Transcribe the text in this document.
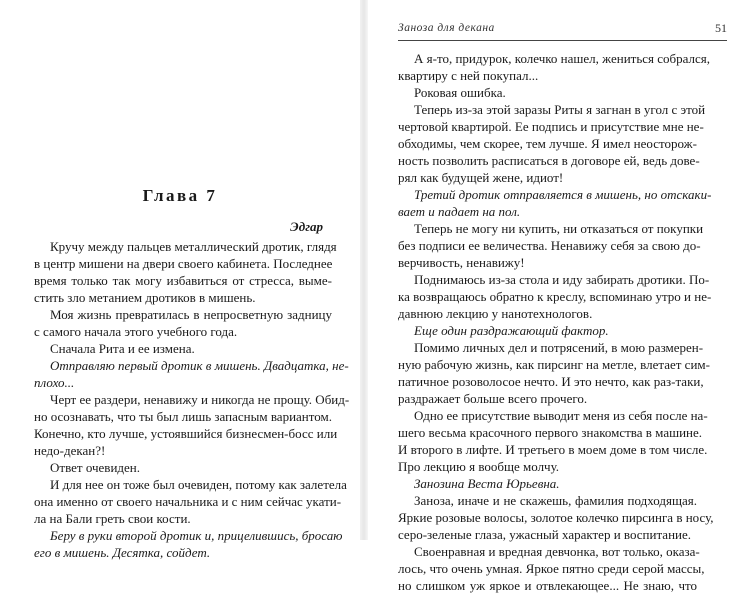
Глава 7
Эдгар
Кручу между пальцев металлический дротик, глядя
в центр мишени на двери своего кабинета. Последнее
время только так могу избавиться от стресса, выме-
стить зло метанием дротиков в мишень.
Моя жизнь превратилась в непросветную задницу
с самого начала этого учебного года.
Сначала Рита и ее измена.
Отправляю первый дротик в мишень. Двадцатка, не-
плохо...
Черт ее раздери, ненавижу и никогда не прощу. Обид-
но осознавать, что ты был лишь запасным вариантом.
Конечно, кто лучше, устоявшийся бизнесмен-босс или
недо-декан?!
Ответ очевиден.
И для нее он тоже был очевиден, потому как залетела
она именно от своего начальника и с ним сейчас укати-
ла на Бали греть свои кости.
Беру в руки второй дротик и, прицелившись, бросаю
его в мишень. Десятка, сойдет.
Заноза для декана	51
А я-то, придурок, колечко нашел, жениться собрался,
квартиру с ней покупал...
Роковая ошибка.
Теперь из-за этой заразы Риты я загнан в угол с этой
чертовой квартирой. Ее подпись и присутствие мне не-
обходимы, чем скорее, тем лучше. Я имел неосторож-
ность позволить расписаться в договоре ей, ведь дове-
рял как будущей жене, идиот!
Третий дротик отправляется в мишень, но отскаки-
вает и падает на пол.
Теперь не могу ни купить, ни отказаться от покупки
без подписи ее величества. Ненавижу себя за свою до-
верчивость, ненавижу!
Поднимаюсь из-за стола и иду забирать дротики. По-
ка возвращаюсь обратно к креслу, вспоминаю утро и не-
давнюю лекцию у нанотехнологов.
Еще один раздражающий фактор.
Помимо личных дел и потрясений, в мою размерен-
ную рабочую жизнь, как пирсинг на метле, влетает сим-
патичное розоволосое нечто. И это нечто, как раз-таки,
раздражает больше всего прочего.
Одно ее присутствие выводит меня из себя после на-
шего весьма красочного первого знакомства в машине.
И второго в лифте. И третьего в моем доме в том числе.
Про лекцию я вообще молчу.
Занозина Веста Юрьевна.
Заноза, иначе и не скажешь, фамилия подходящая.
Яркие розовые волосы, золотое колечко пирсинга в носу,
серо-зеленые глаза, ужасный характер и воспитание.
Своенравная и вредная девчонка, вот только, оказа-
лось, что очень умная. Яркое пятно среди серой массы,
но слишком уж яркое и отвлекающее... Не знаю, что
